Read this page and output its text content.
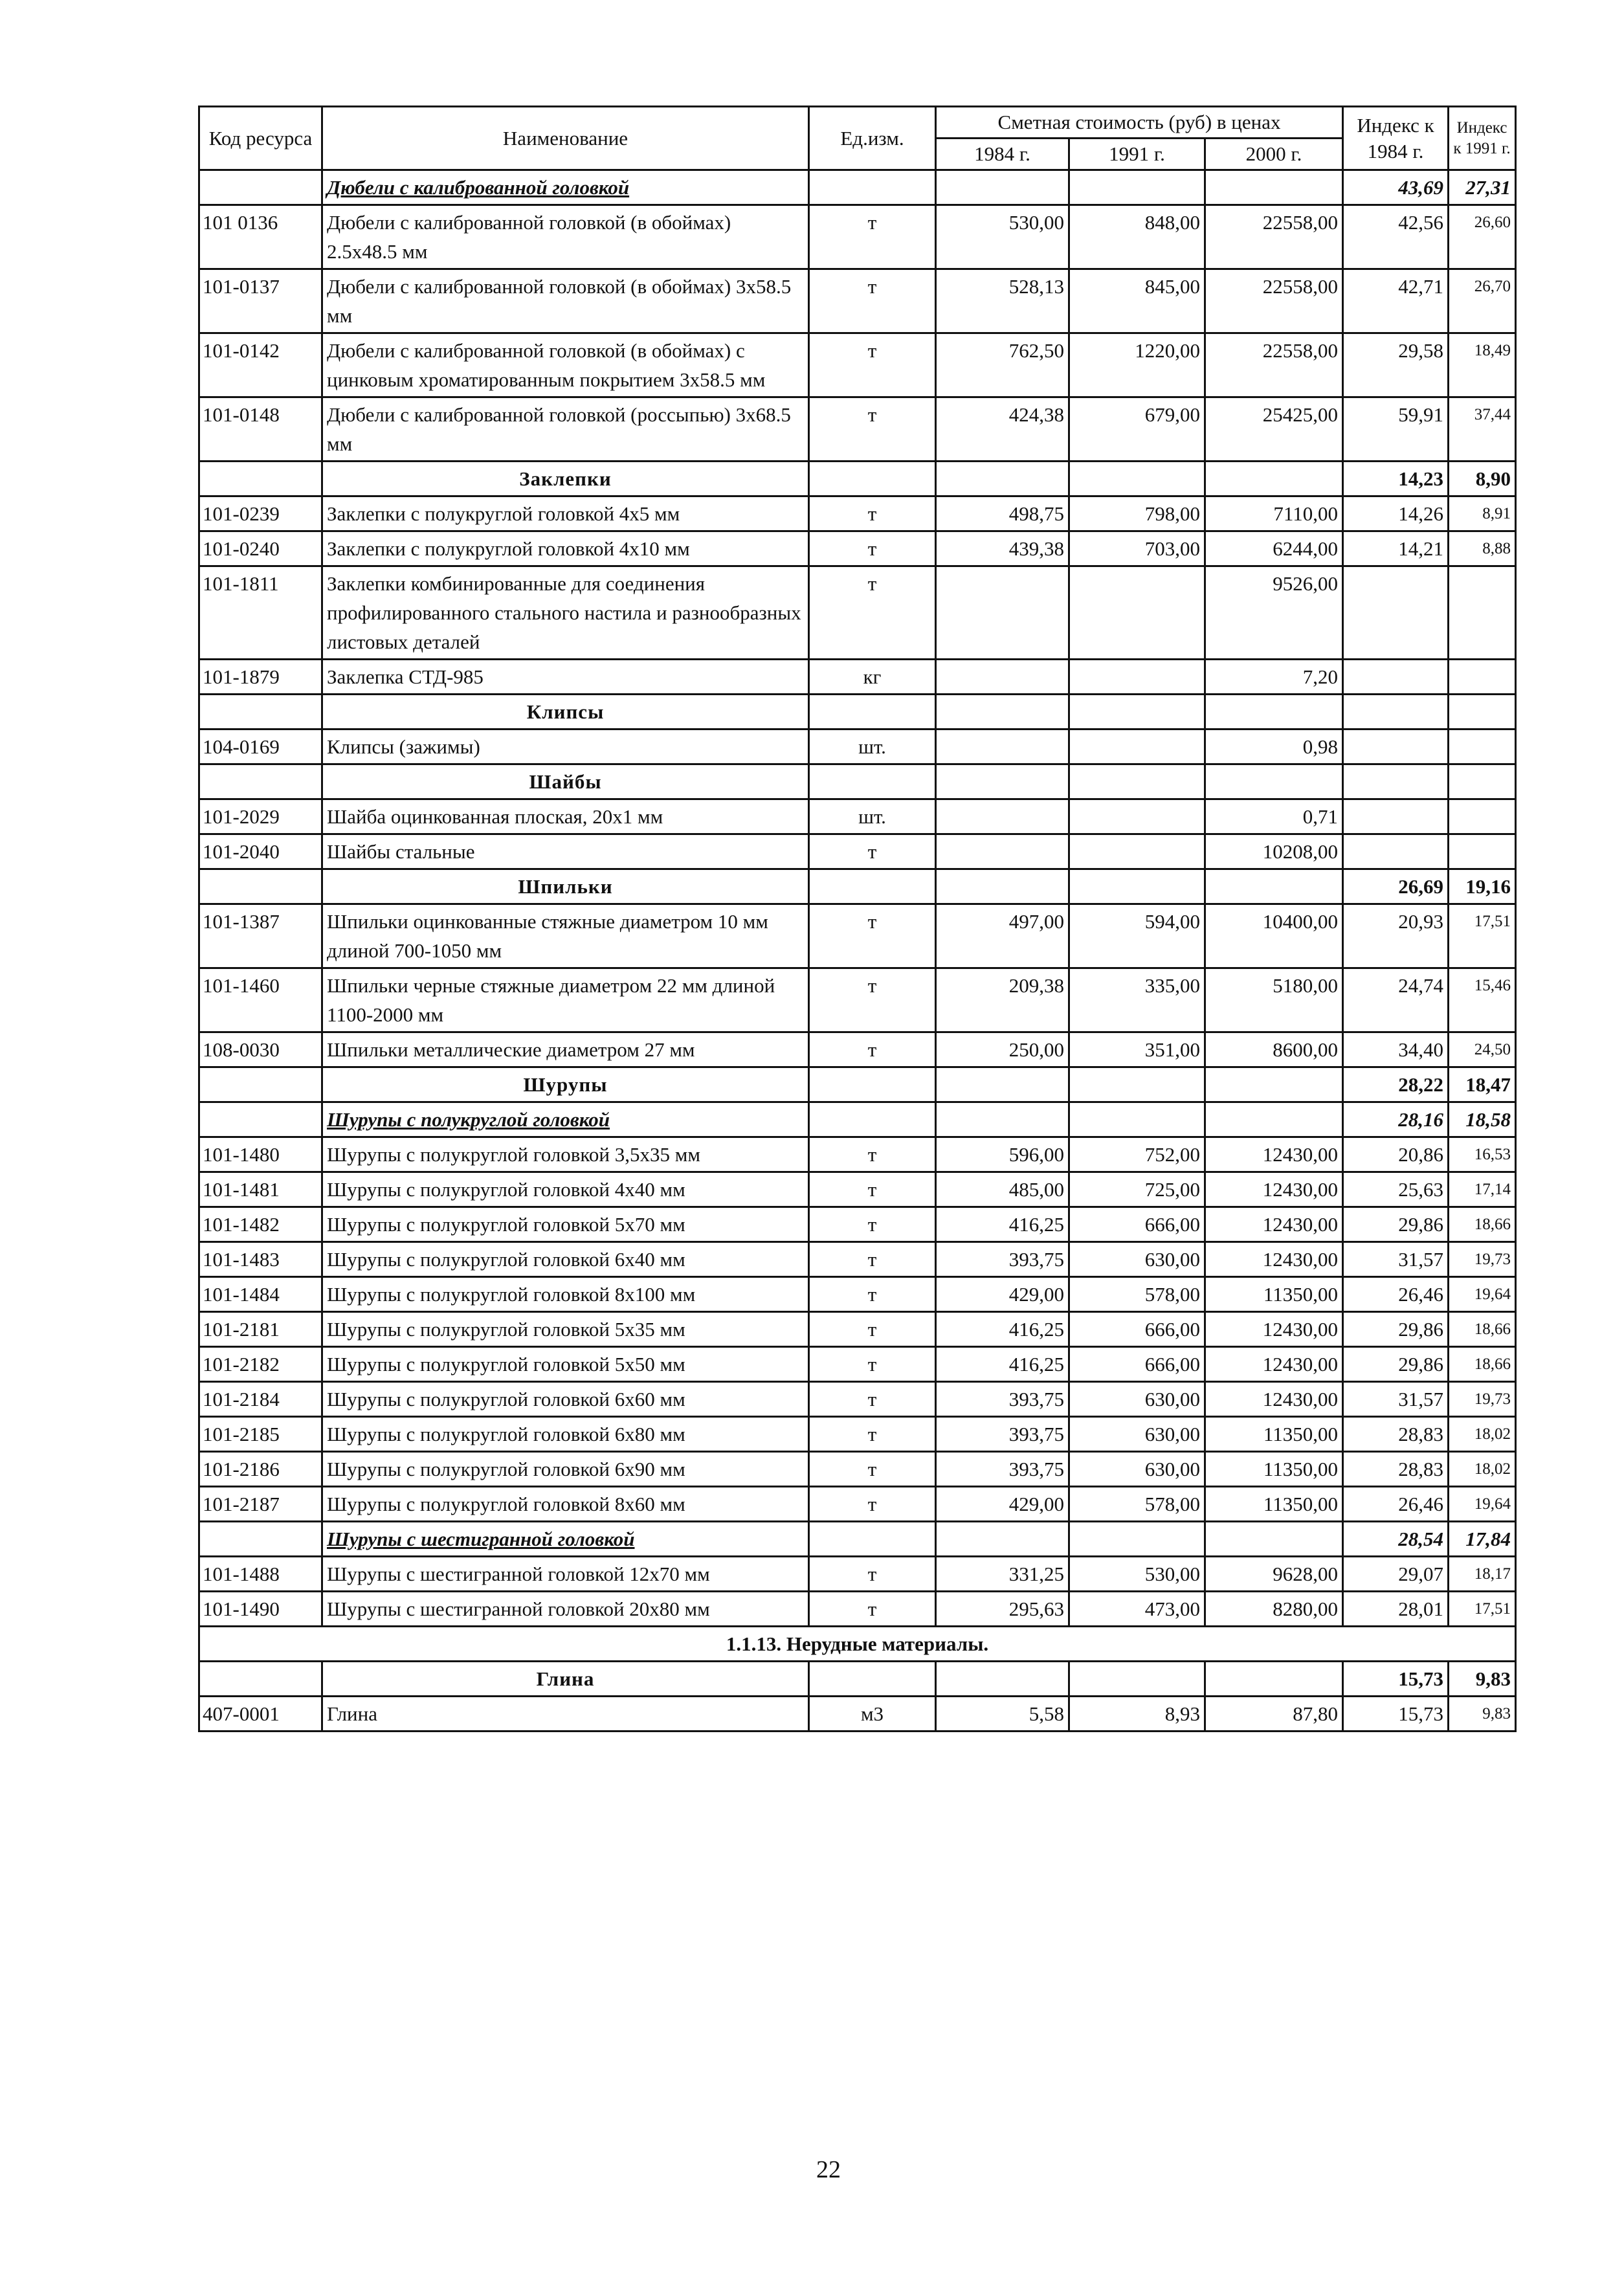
Код ресурса	Наименование	Ед.изм.	Сметная стоимость (руб) в ценах			Индекс к 1984 г.	Индекс к 1991 г.
			1984 г.	1991 г.	2000 г.		
	Дюбели с калиброванной головкой					43,69	27,31
101 0136	Дюбели с калиброванной головкой (в обоймах) 2.5х48.5 мм	т	530,00	848,00	22558,00	42,56	26,60
101-0137	Дюбели с калиброванной головкой (в обоймах) 3х58.5 мм	т	528,13	845,00	22558,00	42,71	26,70
101-0142	Дюбели с калиброванной головкой (в обоймах) с цинковым хроматированным покрытием 3х58.5 мм	т	762,50	1220,00	22558,00	29,58	18,49
101-0148	Дюбели с калиброванной головкой (россыпью) 3х68.5 мм	т	424,38	679,00	25425,00	59,91	37,44
	Заклепки					14,23	8,90
101-0239	Заклепки с полукруглой головкой 4х5 мм	т	498,75	798,00	7110,00	14,26	8,91
101-0240	Заклепки с полукруглой головкой 4х10 мм	т	439,38	703,00	6244,00	14,21	8,88
101-1811	Заклепки комбинированные для соединения профилированного стального настила и разнообразных листовых деталей	т			9526,00		
101-1879	Заклепка СТД-985	кг			7,20		
	Клипсы						
104-0169	Клипсы (зажимы)	шт.			0,98		
	Шайбы						
101-2029	Шайба оцинкованная плоская, 20х1 мм	шт.			0,71		
101-2040	Шайбы стальные	т			10208,00		
	Шпильки					26,69	19,16
101-1387	Шпильки оцинкованные стяжные диаметром 10 мм длиной 700-1050 мм	т	497,00	594,00	10400,00	20,93	17,51
101-1460	Шпильки черные стяжные диаметром 22 мм длиной 1100-2000 мм	т	209,38	335,00	5180,00	24,74	15,46
108-0030	Шпильки металлические диаметром 27 мм	т	250,00	351,00	8600,00	34,40	24,50
	Шурупы					28,22	18,47
	Шурупы с полукруглой головкой					28,16	18,58
101-1480	Шурупы с полукруглой головкой 3,5х35 мм	т	596,00	752,00	12430,00	20,86	16,53
101-1481	Шурупы с полукруглой головкой 4х40 мм	т	485,00	725,00	12430,00	25,63	17,14
101-1482	Шурупы с полукруглой головкой 5х70 мм	т	416,25	666,00	12430,00	29,86	18,66
101-1483	Шурупы с полукруглой головкой 6х40 мм	т	393,75	630,00	12430,00	31,57	19,73
101-1484	Шурупы с полукруглой головкой 8х100 мм	т	429,00	578,00	11350,00	26,46	19,64
101-2181	Шурупы с полукруглой головкой 5х35 мм	т	416,25	666,00	12430,00	29,86	18,66
101-2182	Шурупы с полукруглой головкой 5х50 мм	т	416,25	666,00	12430,00	29,86	18,66
101-2184	Шурупы с полукруглой головкой 6х60 мм	т	393,75	630,00	12430,00	31,57	19,73
101-2185	Шурупы с полукруглой головкой 6х80 мм	т	393,75	630,00	11350,00	28,83	18,02
101-2186	Шурупы с полукруглой головкой 6х90 мм	т	393,75	630,00	11350,00	28,83	18,02
101-2187	Шурупы с полукруглой головкой 8х60 мм	т	429,00	578,00	11350,00	26,46	19,64
	Шурупы с шестигранной головкой					28,54	17,84
101-1488	Шурупы с шестигранной головкой 12х70 мм	т	331,25	530,00	9628,00	29,07	18,17
101-1490	Шурупы с шестигранной головкой 20х80 мм	т	295,63	473,00	8280,00	28,01	17,51
1.1.13. Нерудные материалы.							
	Глина					15,73	9,83
407-0001	Глина	м3	5,58	8,93	87,80	15,73	9,83
22
